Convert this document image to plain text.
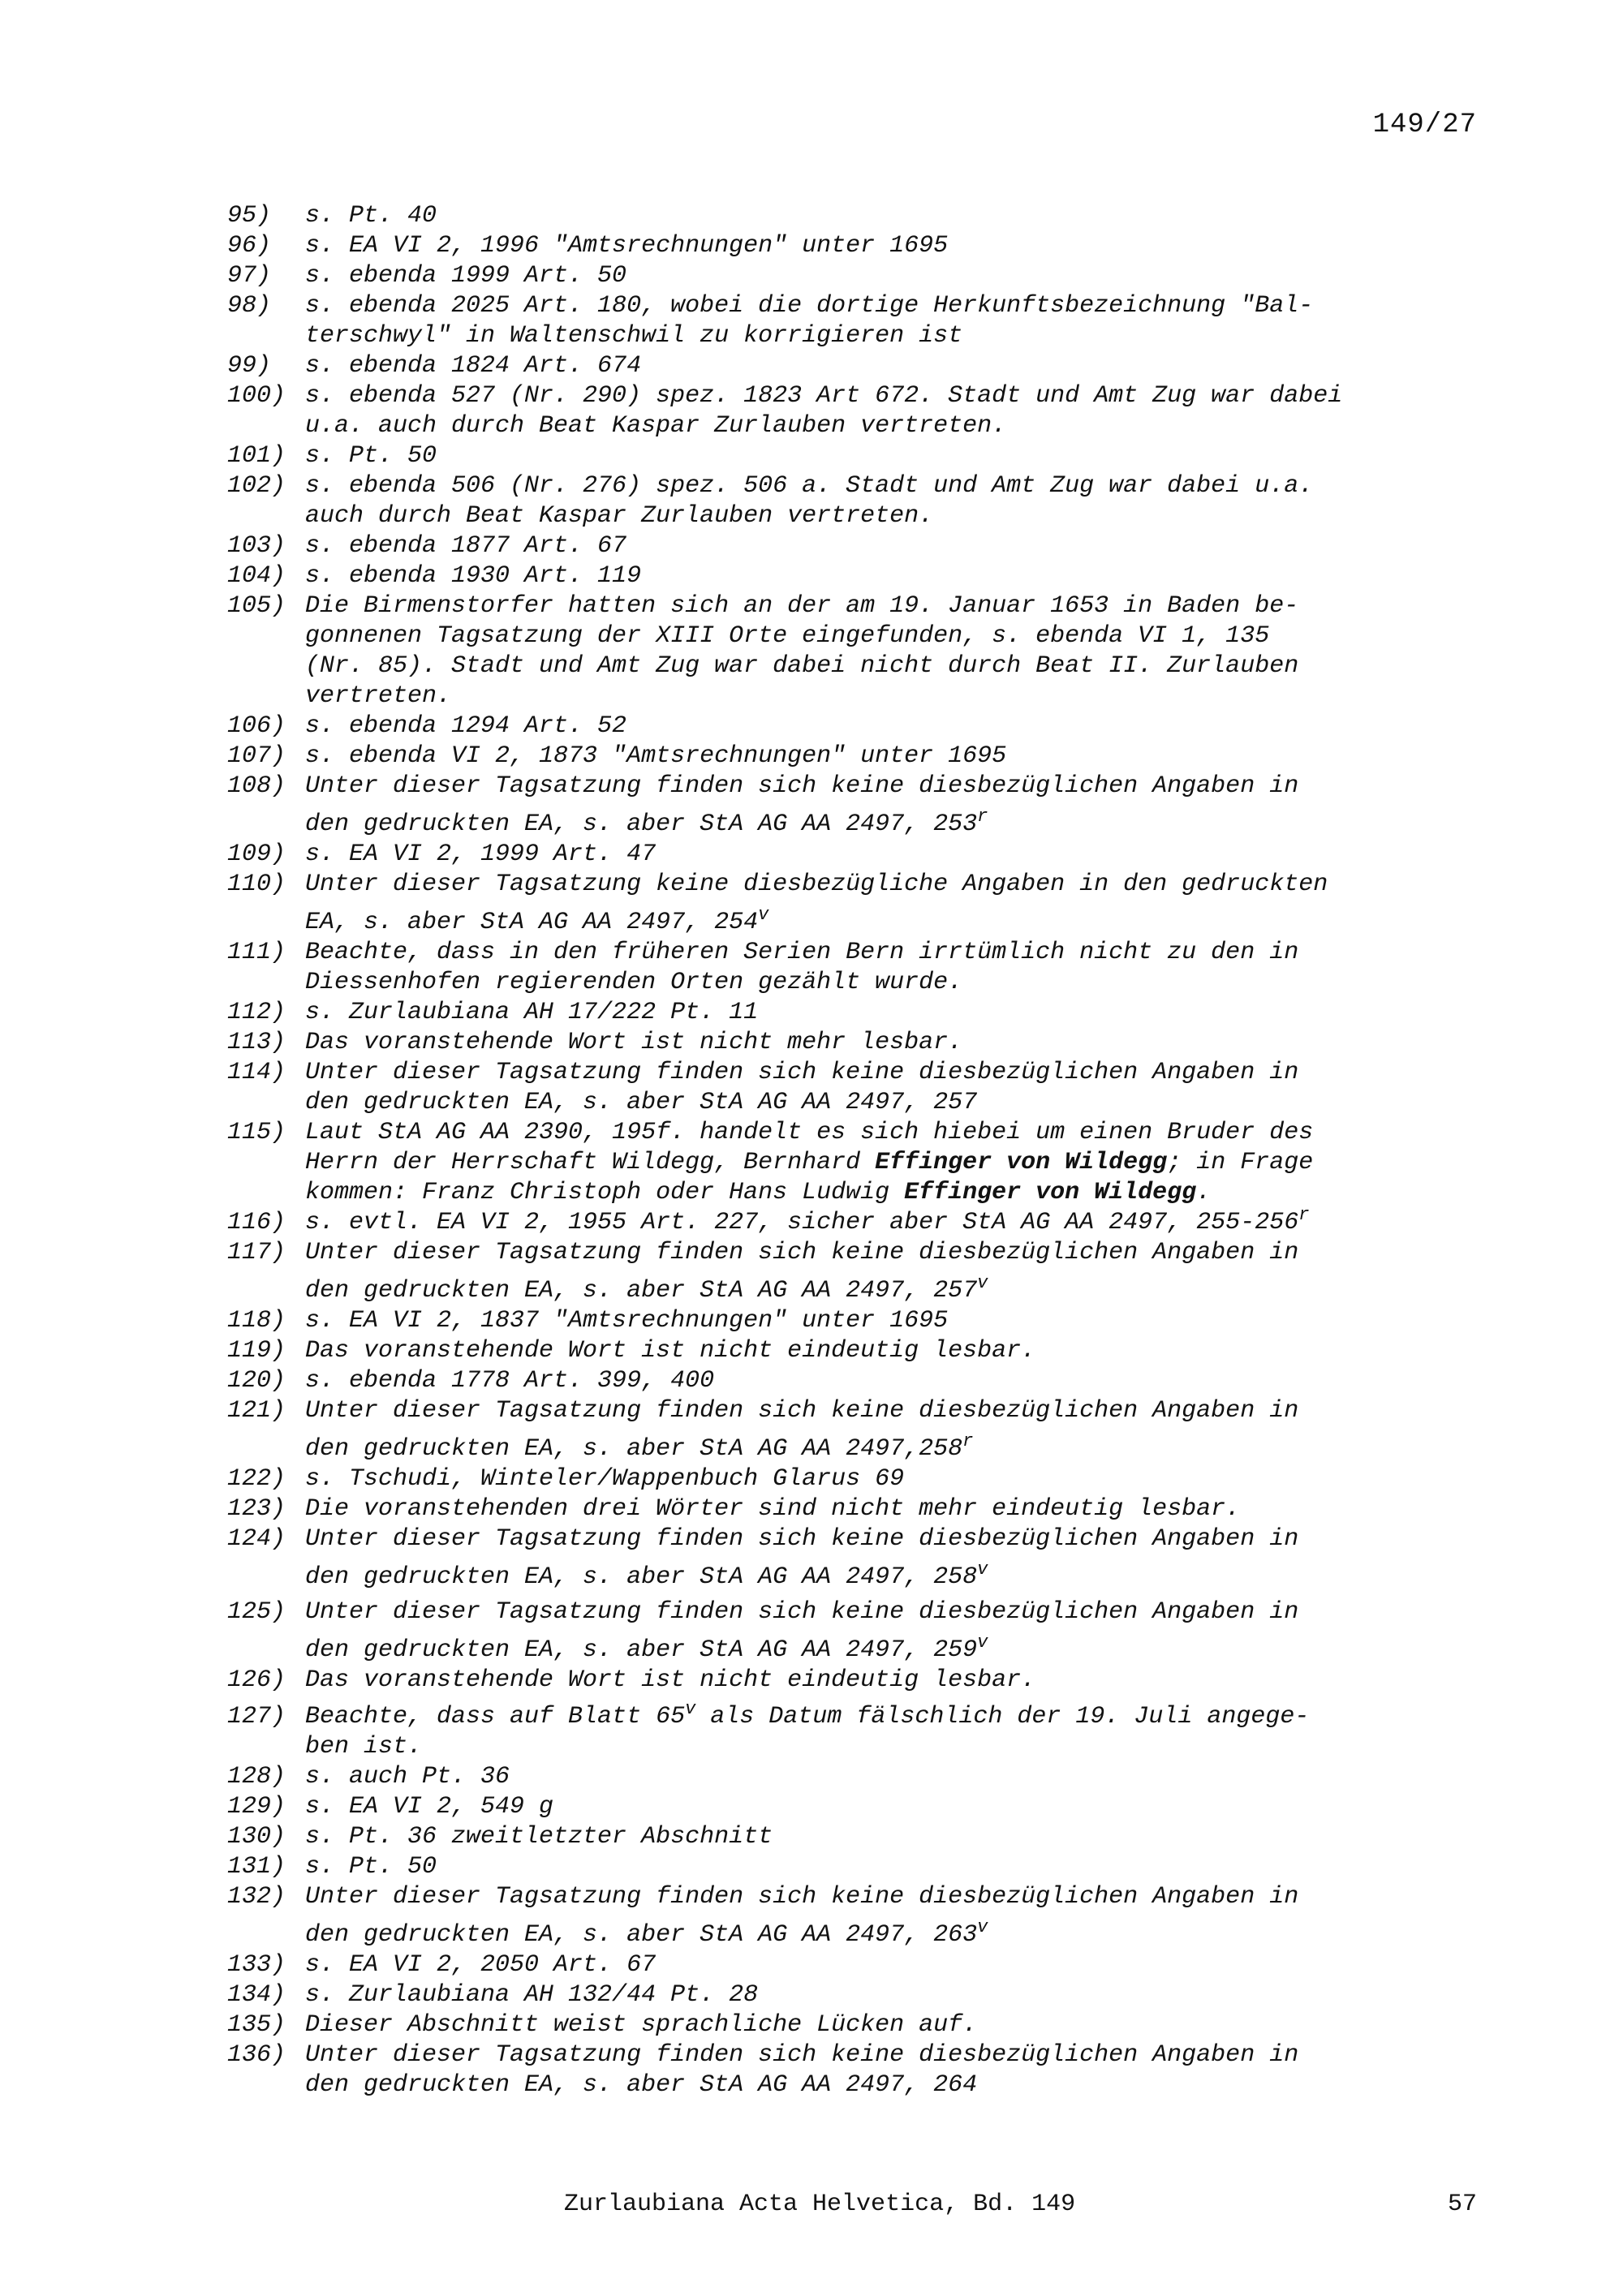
149/27
95)	s. Pt. 40
96)	s. EA VI 2, 1996 "Amtsrechnungen" unter 1695
97)	s. ebenda 1999 Art. 50
98)	s. ebenda 2025 Art. 180, wobei die dortige Herkunftsbezeichnung "Bal-
terschwyl" in Waltenschwil zu korrigieren ist
99)	s. ebenda 1824 Art. 674
100) s. ebenda 527 (Nr. 290) spez. 1823 Art 672. Stadt und Amt Zug war dabei
u.a. auch durch Beat Kaspar Zurlauben vertreten.
101) s. Pt. 50
102) s. ebenda 506 (Nr. 276) spez. 506 a. Stadt und Amt Zug war dabei u.a.
auch durch Beat Kaspar Zurlauben vertreten.
103) s. ebenda 1877 Art. 67
104) s. ebenda 1930 Art. 119
105) Die Birmenstorfer hatten sich an der am 19. Januar 1653 in Baden be-
gonnenen Tagsatzung der XIII Orte eingefunden, s. ebenda VI 1, 135
(Nr. 85). Stadt und Amt Zug war dabei nicht durch Beat II. Zurlauben
vertreten.
106) s. ebenda 1294 Art. 52
107) s. ebenda VI 2, 1873 "Amtsrechnungen" unter 1695
108) Unter dieser Tagsatzung finden sich keine diesbezüglichen Angaben in
den gedruckten EA, s. aber StA AG AA 2497, 253$^r$
109) s. EA VI 2, 1999 Art. 47
110) Unter dieser Tagsatzung keine diesbezügliche Angaben in den gedruckten
EA, s. aber StA AG AA 2497, 254$^v$
111) Beachte, dass in den früheren Serien Bern irrtümlich nicht zu den in
Diessenhofen regierenden Orten gezählt wurde.
112) s. Zurlaubiana AH 17/222 Pt. 11
113) Das voranstehende Wort ist nicht mehr lesbar.
114) Unter dieser Tagsatzung finden sich keine diesbezüglichen Angaben in
den gedruckten EA, s. aber StA AG AA 2497, 257
115) Laut StA AG AA 2390, 195f. handelt es sich hiebei um einen Bruder des
Herrn der Herrschaft Wildegg, Bernhard Effinger von Wildegg; in Frage
kommen: Franz Christoph oder Hans Ludwig Effinger von Wildegg.
116) s. evtl. EA VI 2, 1955 Art. 227, sicher aber StA AG AA 2497, 255-256$^r$
117) Unter dieser Tagsatzung finden sich keine diesbezüglichen Angaben in
den gedruckten EA, s. aber StA AG AA 2497, 257$^v$
118) s. EA VI 2, 1837 "Amtsrechnungen" unter 1695
119) Das voranstehende Wort ist nicht eindeutig lesbar.
120) s. ebenda 1778 Art. 399, 400
121) Unter dieser Tagsatzung finden sich keine diesbezüglichen Angaben in
den gedruckten EA, s. aber StA AG AA 2497,258$^r$
122) s. Tschudi, Winteler/Wappenbuch Glarus 69
123) Die voranstehenden drei Wörter sind nicht mehr eindeutig lesbar.
124) Unter dieser Tagsatzung finden sich keine diesbezüglichen Angaben in
den gedruckten EA, s. aber StA AG AA 2497, 258$^v$
125) Unter dieser Tagsatzung finden sich keine diesbezüglichen Angaben in
den gedruckten EA, s. aber StA AG AA 2497, 259$^v$
126) Das voranstehende Wort ist nicht eindeutig lesbar.
127) Beachte, dass auf Blatt 65$^v$ als Datum fälschlich der 19. Juli angege-
ben ist.
128) s. auch Pt. 36
129) s. EA VI 2, 549 g
130) s. Pt. 36 zweitletzter Abschnitt
131) s. Pt. 50
132) Unter dieser Tagsatzung finden sich keine diesbezüglichen Angaben in
den gedruckten EA, s. aber StA AG AA 2497, 263$^v$
133) s. EA VI 2, 2050 Art. 67
134) s. Zurlaubiana AH 132/44 Pt. 28
135) Dieser Abschnitt weist sprachliche Lücken auf.
136) Unter dieser Tagsatzung finden sich keine diesbezüglichen Angaben in
den gedruckten EA, s. aber StA AG AA 2497, 264
Zurlaubiana Acta Helvetica, Bd. 149	57
